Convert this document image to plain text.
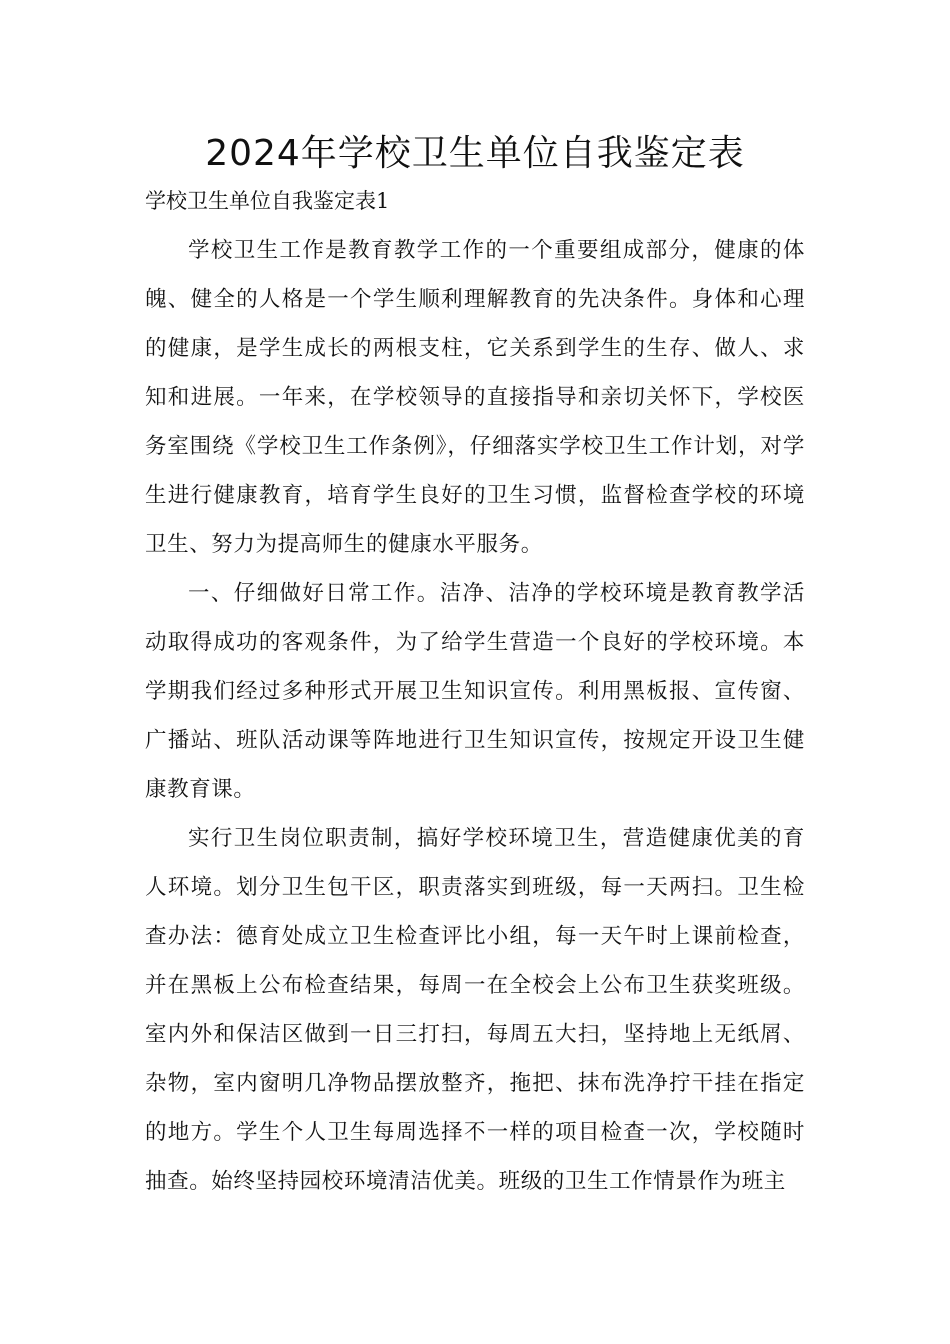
2024年学校卫生单位自我鉴定表
学校卫生单位自我鉴定表1

学校卫生工作是教育教学工作的一个重要组成部分，健康的体魄、健全的人格是一个学生顺利理解教育的先决条件。身体和心理的健康，是学生成长的两根支柱，它关系到学生的生存、做人、求知和进展。一年来，在学校领导的直接指导和亲切关怀下，学校医务室围绕《学校卫生工作条例》，仔细落实学校卫生工作计划，对学生进行健康教育，培育学生良好的卫生习惯，监督检查学校的环境卫生、努力为提高师生的健康水平服务。

一、仔细做好日常工作。洁净、洁净的学校环境是教育教学活动取得成功的客观条件，为了给学生营造一个良好的学校环境。本学期我们经过多种形式开展卫生知识宣传。利用黑板报、宣传窗、广播站、班队活动课等阵地进行卫生知识宣传，按规定开设卫生健康教育课。

实行卫生岗位职责制，搞好学校环境卫生，营造健康优美的育人环境。划分卫生包干区，职责落实到班级，每一天两扫。卫生检查办法：德育处成立卫生检查评比小组，每一天午时上课前检查，并在黑板上公布检查结果，每周一在全校会上公布卫生获奖班级。室内外和保洁区做到一日三打扫，每周五大扫，坚持地上无纸屑、杂物，室内窗明几净物品摆放整齐，拖把、抹布洗净拧干挂在指定的地方。学生个人卫生每周选择不一样的项目检查一次，学校随时抽查。始终坚持园校环境清洁优美。班级的卫生工作情景作为班主
